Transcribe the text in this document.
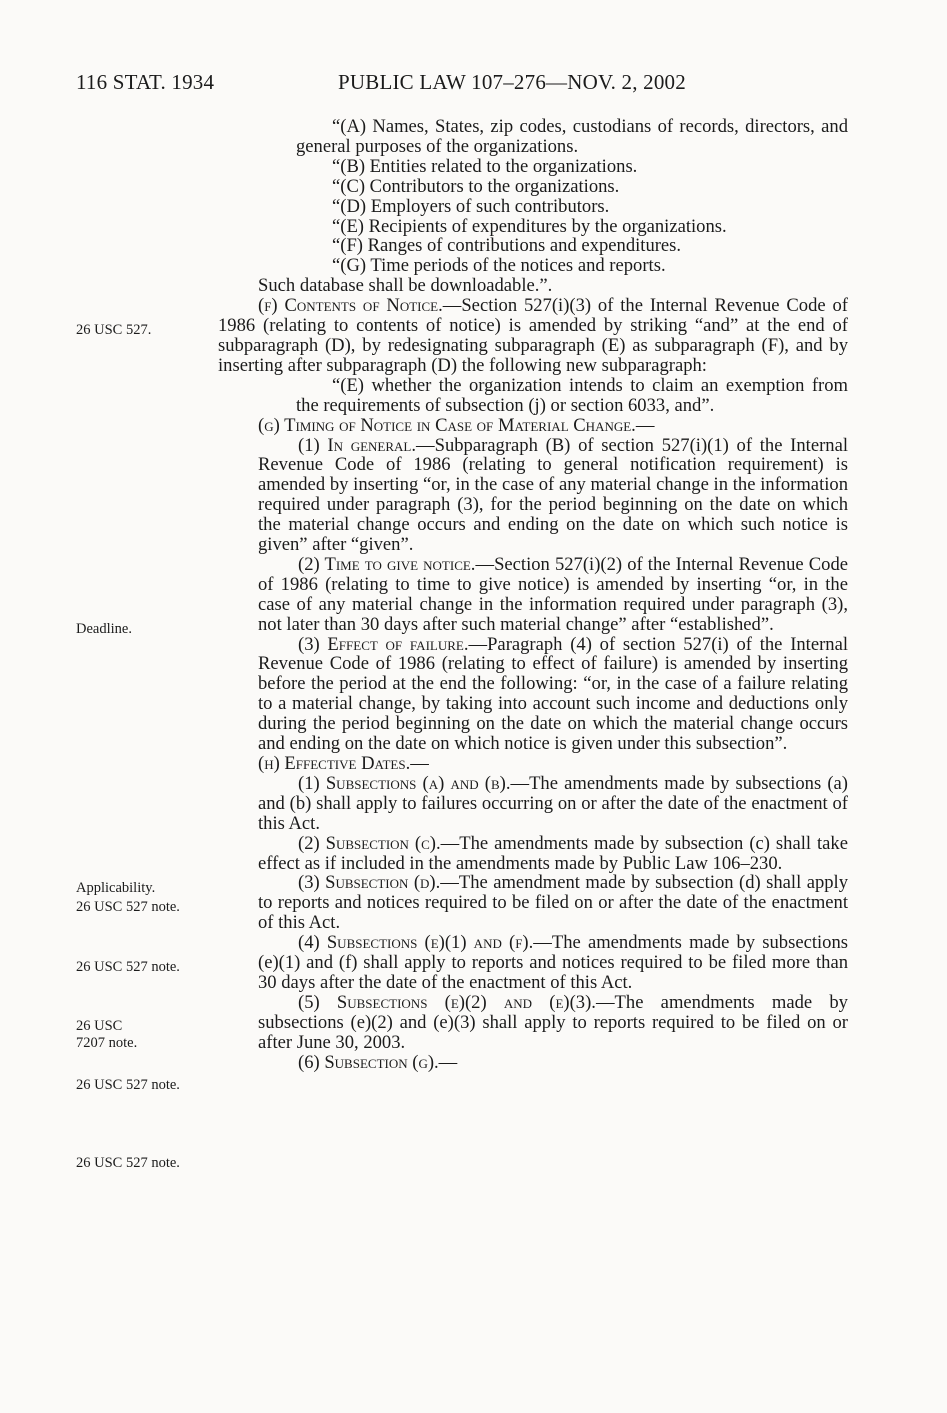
116 STAT. 1934	PUBLIC LAW 107–276—NOV. 2, 2002
26 USC 527.
Deadline.
Applicability.
26 USC 527 note.
26 USC 527 note.
26 USC 7207 note.
26 USC 527 note.
26 USC 527 note.

“(A) Names, States, zip codes, custodians of records, directors, and general purposes of the organizations.

“(B) Entities related to the organizations.

“(C) Contributors to the organizations.

“(D) Employers of such contributors.

“(E) Recipients of expenditures by the organizations.

“(F) Ranges of contributions and expenditures.

“(G) Time periods of the notices and reports.

Such database shall be downloadable.”.

(f) Contents of Notice.—Section 527(i)(3) of the Internal Revenue Code of 1986 (relating to contents of notice) is amended by striking “and” at the end of subparagraph (D), by redesignating subparagraph (E) as subparagraph (F), and by inserting after subparagraph (D) the following new subparagraph:

“(E) whether the organization intends to claim an exemption from the requirements of subsection (j) or section 6033, and”.

(g) Timing of Notice in Case of Material Change.—

(1) In general.—Subparagraph (B) of section 527(i)(1) of the Internal Revenue Code of 1986 (relating to general notification requirement) is amended by inserting “or, in the case of any material change in the information required under paragraph (3), for the period beginning on the date on which the material change occurs and ending on the date on which such notice is given” after “given”.

(2) Time to give notice.—Section 527(i)(2) of the Internal Revenue Code of 1986 (relating to time to give notice) is amended by inserting “or, in the case of any material change in the information required under paragraph (3), not later than 30 days after such material change” after “established”.

(3) Effect of failure.—Paragraph (4) of section 527(i) of the Internal Revenue Code of 1986 (relating to effect of failure) is amended by inserting before the period at the end the following: “or, in the case of a failure relating to a material change, by taking into account such income and deductions only during the period beginning on the date on which the material change occurs and ending on the date on which notice is given under this subsection”.

(h) Effective Dates.—

(1) Subsections (a) and (b).—The amendments made by subsections (a) and (b) shall apply to failures occurring on or after the date of the enactment of this Act.

(2) Subsection (c).—The amendments made by subsection (c) shall take effect as if included in the amendments made by Public Law 106–230.

(3) Subsection (d).—The amendment made by subsection (d) shall apply to reports and notices required to be filed on or after the date of the enactment of this Act.

(4) Subsections (e)(1) and (f).—The amendments made by subsections (e)(1) and (f) shall apply to reports and notices required to be filed more than 30 days after the date of the enactment of this Act.

(5) Subsections (e)(2) and (e)(3).—The amendments made by subsections (e)(2) and (e)(3) shall apply to reports required to be filed on or after June 30, 2003.

(6) Subsection (g).—
